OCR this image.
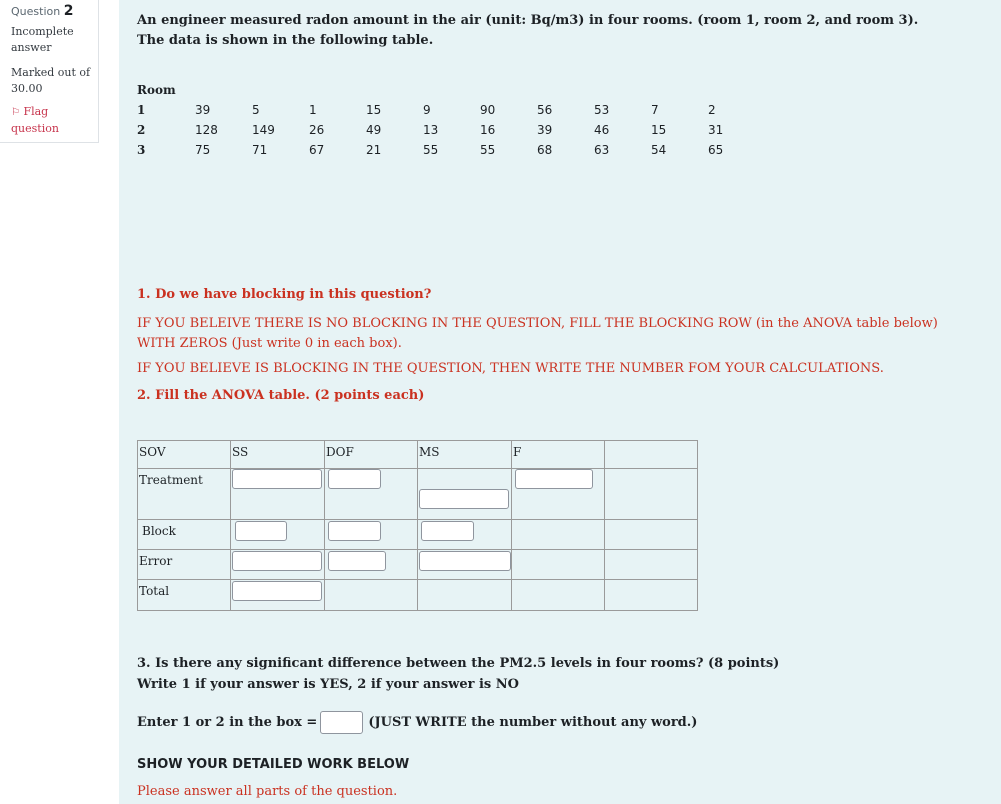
Question 2
Incomplete
answer
Marked out of
30.00
⚐ Flag
question
An engineer measured radon amount in the air (unit: Bq/m3) in four rooms. (room 1, room 2, and room 3).
The data is shown in the following table.
Room										
1	39	5	1	15	9	90	56	53	7	2
2	128	149	26	49	13	16	39	46	15	31
3	75	71	67	21	55	55	68	63	54	65
1. Do we have blocking in this question?
IF YOU BELEIVE THERE IS NO BLOCKING IN THE QUESTION, FILL THE BLOCKING ROW (in the ANOVA table below) WITH ZEROS (Just write 0 in each box).
IF YOU BELIEVE IS BLOCKING IN THE QUESTION, THEN WRITE THE NUMBER FOM YOUR CALCULATIONS.
2. Fill the ANOVA table. (2 points each)
SOV	SS	DOF	MS	F	

Treatment					

Block					

Error					

Total					

3. Is there any significant difference between the PM2.5 levels in four rooms? (8 points)
Write 1 if your answer is YES, 2 if your answer is NO
Enter 1 or 2 in the box =	(JUST WRITE the number without any word.)
SHOW YOUR DETAILED WORK BELOW
Please answer all parts of the question.
